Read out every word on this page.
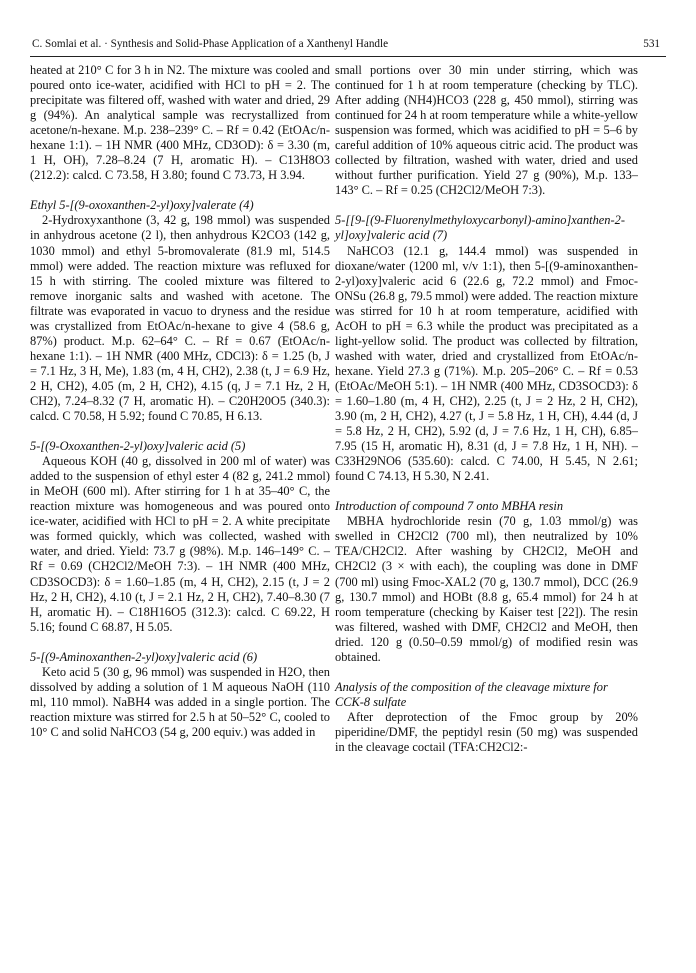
C. Somlai et al. · Synthesis and Solid-Phase Application of a Xanthenyl Handle	531

heated at 210° C for 3 h in N2. The mixture was cooled and poured onto ice-water, acidified with HCl to pH = 2. The precipitate was filtered off, washed with water and dried, 29 g (94%). An analytical sample was recrystallized from acetone/n-hexane. M.p. 238–239° C. – Rf = 0.42 (EtOAc/n-hexane 1:1). – 1H NMR (400 MHz, CD3OD): δ = 3.30 (m, 1 H, OH), 7.28–8.24 (7 H, aromatic H). – C13H8O3 (212.2): calcd. C 73.58, H 3.80; found C 73.73, H 3.94.

Ethyl 5-[(9-oxoxanthen-2-yl)oxy]valerate (4)

2-Hydroxyxanthone (3, 42 g, 198 mmol) was suspended in anhydrous acetone (2 l), then anhydrous K2CO3 (142 g, 1030 mmol) and ethyl 5-bromovalerate (81.9 ml, 514.5 mmol) were added. The reaction mixture was refluxed for 15 h with stirring. The cooled mixture was filtered to remove inorganic salts and washed with acetone. The filtrate was evaporated in vacuo to dryness and the residue was crystallized from EtOAc/n-hexane to give 4 (58.6 g, 87%) product. M.p. 62–64° C. – Rf = 0.67 (EtOAc/n-hexane 1:1). – 1H NMR (400 MHz, CDCl3): δ = 1.25 (b, J = 7.1 Hz, 3 H, Me), 1.83 (m, 4 H, CH2), 2.38 (t, J = 6.9 Hz, 2 H, CH2), 4.05 (m, 2 H, CH2), 4.15 (q, J = 7.1 Hz, 2 H, CH2), 7.24–8.32 (7 H, aromatic H). – C20H20O5 (340.3): calcd. C 70.58, H 5.92; found C 70.85, H 6.13.

5-[(9-Oxoxanthen-2-yl)oxy]valeric acid (5)

Aqueous KOH (40 g, dissolved in 200 ml of water) was added to the suspension of ethyl ester 4 (82 g, 241.2 mmol) in MeOH (600 ml). After stirring for 1 h at 35–40° C, the reaction mixture was homogeneous and was poured onto ice-water, acidified with HCl to pH = 2. A white precipitate was formed quickly, which was collected, washed with water, and dried. Yield: 73.7 g (98%). M.p. 146–149° C. – Rf = 0.69 (CH2Cl2/MeOH 7:3). – 1H NMR (400 MHz, CD3SOCD3): δ = 1.60–1.85 (m, 4 H, CH2), 2.15 (t, J = 2 Hz, 2 H, CH2), 4.10 (t, J = 2.1 Hz, 2 H, CH2), 7.40–8.30 (7 H, aromatic H). – C18H16O5 (312.3): calcd. C 69.22, H 5.16; found C 68.87, H 5.05.

5-[(9-Aminoxanthen-2-yl)oxy]valeric acid (6)

Keto acid 5 (30 g, 96 mmol) was suspended in H2O, then dissolved by adding a solution of 1 M aqueous NaOH (110 ml, 110 mmol). NaBH4 was added in a single portion. The reaction mixture was stirred for 2.5 h at 50–52° C, cooled to 10° C and solid NaHCO3 (54 g, 200 equiv.) was added in

small portions over 30 min under stirring, which was continued for 1 h at room temperature (checking by TLC). After adding (NH4)HCO3 (228 g, 450 mmol), stirring was continued for 24 h at room temperature while a white-yellow suspension was formed, which was acidified to pH = 5–6 by careful addition of 10% aqueous citric acid. The product was collected by filtration, washed with water, dried and used without further purification. Yield 27 g (90%), M.p. 133–143° C. – Rf = 0.25 (CH2Cl2/MeOH 7:3).

5-[[9-[(9-Fluorenylmethyloxycarbonyl)-amino]xanthen-2-yl]oxy]valeric acid (7)

NaHCO3 (12.1 g, 144.4 mmol) was suspended in dioxane/water (1200 ml, v/v 1:1), then 5-[(9-aminoxanthen-2-yl)oxy]valeric acid 6 (22.6 g, 72.2 mmol) and Fmoc-ONSu (26.8 g, 79.5 mmol) were added. The reaction mixture was stirred for 10 h at room temperature, acidified with AcOH to pH = 6.3 while the product was precipitated as a light-yellow solid. The product was collected by filtration, washed with water, dried and crystallized from EtOAc/n-hexane. Yield 27.3 g (71%). M.p. 205–206° C. – Rf = 0.53 (EtOAc/MeOH 5:1). – 1H NMR (400 MHz, CD3SOCD3): δ = 1.60–1.80 (m, 4 H, CH2), 2.25 (t, J = 2 Hz, 2 H, CH2), 3.90 (m, 2 H, CH2), 4.27 (t, J = 5.8 Hz, 1 H, CH), 4.44 (d, J = 5.8 Hz, 2 H, CH2), 5.92 (d, J = 7.6 Hz, 1 H, CH), 6.85–7.95 (15 H, aromatic H), 8.31 (d, J = 7.8 Hz, 1 H, NH). – C33H29NO6 (535.60): calcd. C 74.00, H 5.45, N 2.61; found C 74.13, H 5.30, N 2.41.

Introduction of compound 7 onto MBHA resin

MBHA hydrochloride resin (70 g, 1.03 mmol/g) was swelled in CH2Cl2 (700 ml), then neutralized by 10% TEA/CH2Cl2. After washing by CH2Cl2, MeOH and CH2Cl2 (3 × with each), the coupling was done in DMF (700 ml) using Fmoc-XAL2 (70 g, 130.7 mmol), DCC (26.9 g, 130.7 mmol) and HOBt (8.8 g, 65.4 mmol) for 24 h at room temperature (checking by Kaiser test [22]). The resin was filtered, washed with DMF, CH2Cl2 and MeOH, then dried. 120 g (0.50–0.59 mmol/g) of modified resin was obtained.

Analysis of the composition of the cleavage mixture for CCK-8 sulfate

After deprotection of the Fmoc group by 20% piperidine/DMF, the peptidyl resin (50 mg) was suspended in the cleavage coctail (TFA:CH2Cl2:-
